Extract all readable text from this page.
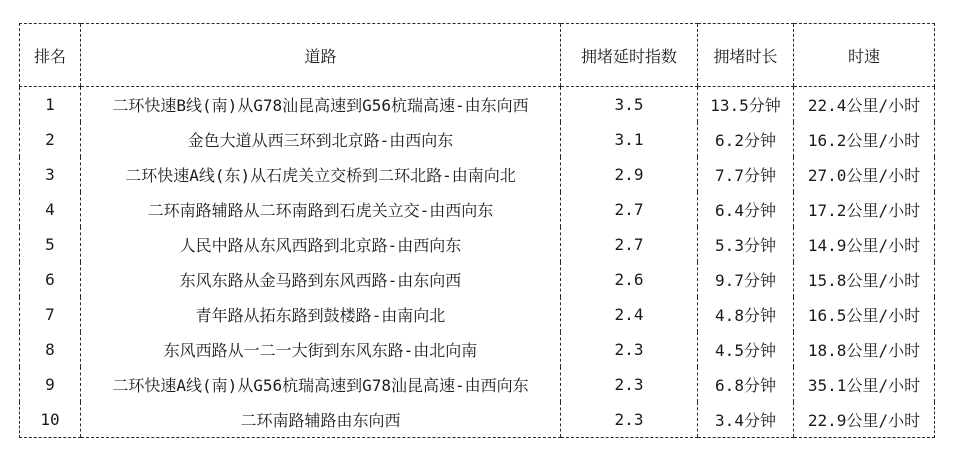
排名	道路	拥堵延时指数	拥堵时长	时速
1	二环快速B线(南)从G78汕昆高速到G56杭瑞高速-由东向西	3.5	13.5分钟	22.4公里/小时
2	金色大道从西三环到北京路-由西向东	3.1	6.2分钟	16.2公里/小时
3	二环快速A线(东)从石虎关立交桥到二环北路-由南向北	2.9	7.7分钟	27.0公里/小时
4	二环南路辅路从二环南路到石虎关立交-由西向东	2.7	6.4分钟	17.2公里/小时
5	人民中路从东风西路到北京路-由西向东	2.7	5.3分钟	14.9公里/小时
6	东风东路从金马路到东风西路-由东向西	2.6	9.7分钟	15.8公里/小时
7	青年路从拓东路到鼓楼路-由南向北	2.4	4.8分钟	16.5公里/小时
8	东风西路从一二一大街到东风东路-由北向南	2.3	4.5分钟	18.8公里/小时
9	二环快速A线(南)从G56杭瑞高速到G78汕昆高速-由西向东	2.3	6.8分钟	35.1公里/小时
10	二环南路辅路由东向西	2.3	3.4分钟	22.9公里/小时
